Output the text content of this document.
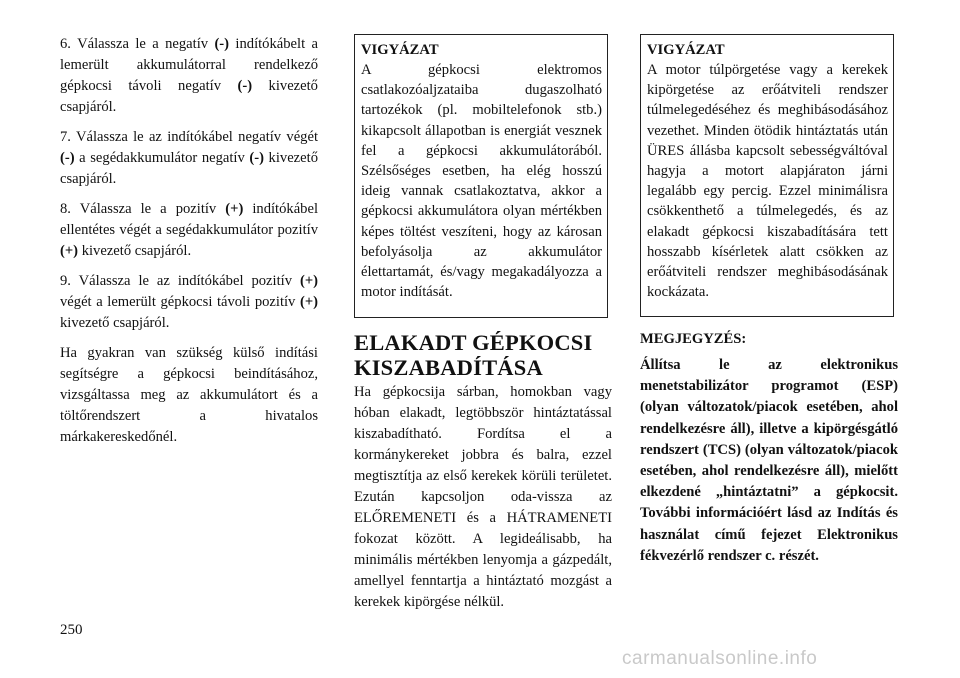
6. Válassza le a negatív (-) indítókábelt a lemerült akkumulátorral rendelkező gépkocsi távoli negatív (-) kivezető csapjáról.

7. Válassza le az indítókábel negatív végét (-) a segédakkumulátor negatív (-) kivezető csapjáról.

8. Válassza le a pozitív (+) indítókábel ellentétes végét a segédakkumulátor pozitív (+) kivezető csapjáról.

9. Válassza le az indítókábel pozitív (+) végét a lemerült gépkocsi távoli pozitív (+) kivezető csapjáról.

Ha gyakran van szükség külső indítási segítségre a gépkocsi beindításához, vizsgáltassa meg az akkumulátort és a töltőrendszert a hivatalos márkakereskedőnél.

VIGYÁZAT

A gépkocsi elektromos csatlakozóaljzataiba dugaszolható tartozékok (pl. mobiltelefonok stb.) kikapcsolt állapotban is energiát vesznek fel a gépkocsi akkumulátorából. Szélsőséges esetben, ha elég hosszú ideig vannak csatlakoztatva, akkor a gépkocsi akkumulátora olyan mértékben képes töltést veszíteni, hogy az károsan befolyásolja az akkumulátor élettartamát, és/vagy megakadályozza a motor indítását.

ELAKADT GÉPKOCSI KISZABADÍTÁSA

Ha gépkocsija sárban, homokban vagy hóban elakadt, legtöbbször hintáztatással kiszabadítható. Fordítsa el a kormánykereket jobbra és balra, ezzel megtisztítja az első kerekek körüli területet. Ezután kapcsoljon oda-vissza az ELŐREMENETI és a HÁTRAMENETI fokozat között. A legideálisabb, ha minimális mértékben lenyomja a gázpedált, amellyel fenntartja a hintáztató mozgást a kerekek kipörgése nélkül.

VIGYÁZAT

A motor túlpörgetése vagy a kerekek kipörgetése az erőátviteli rendszer túlmelegedéséhez és meghibásodásához vezethet. Minden ötödik hintáztatás után ÜRES állásba kapcsolt sebességváltóval hagyja a motort alapjáraton járni legalább egy percig. Ezzel minimálisra csökkenthető a túlmelegedés, és az elakadt gépkocsi kiszabadítására tett hosszabb kísérletek alatt csökken az erőátviteli rendszer meghibásodásának kockázata.

MEGJEGYZÉS:

Állítsa le az elektronikus menetstabilizátor programot (ESP) (olyan változatok/piacok esetében, ahol rendelkezésre áll), illetve a kipörgésgátló rendszert (TCS) (olyan változatok/piacok esetében, ahol rendelkezésre áll), mielőtt elkezdené „hintáztatni” a gépkocsit. További információért lásd az Indítás és használat című fejezet Elektronikus fékvezérlő rendszer c. részét.

250
carmanualsonline.info
